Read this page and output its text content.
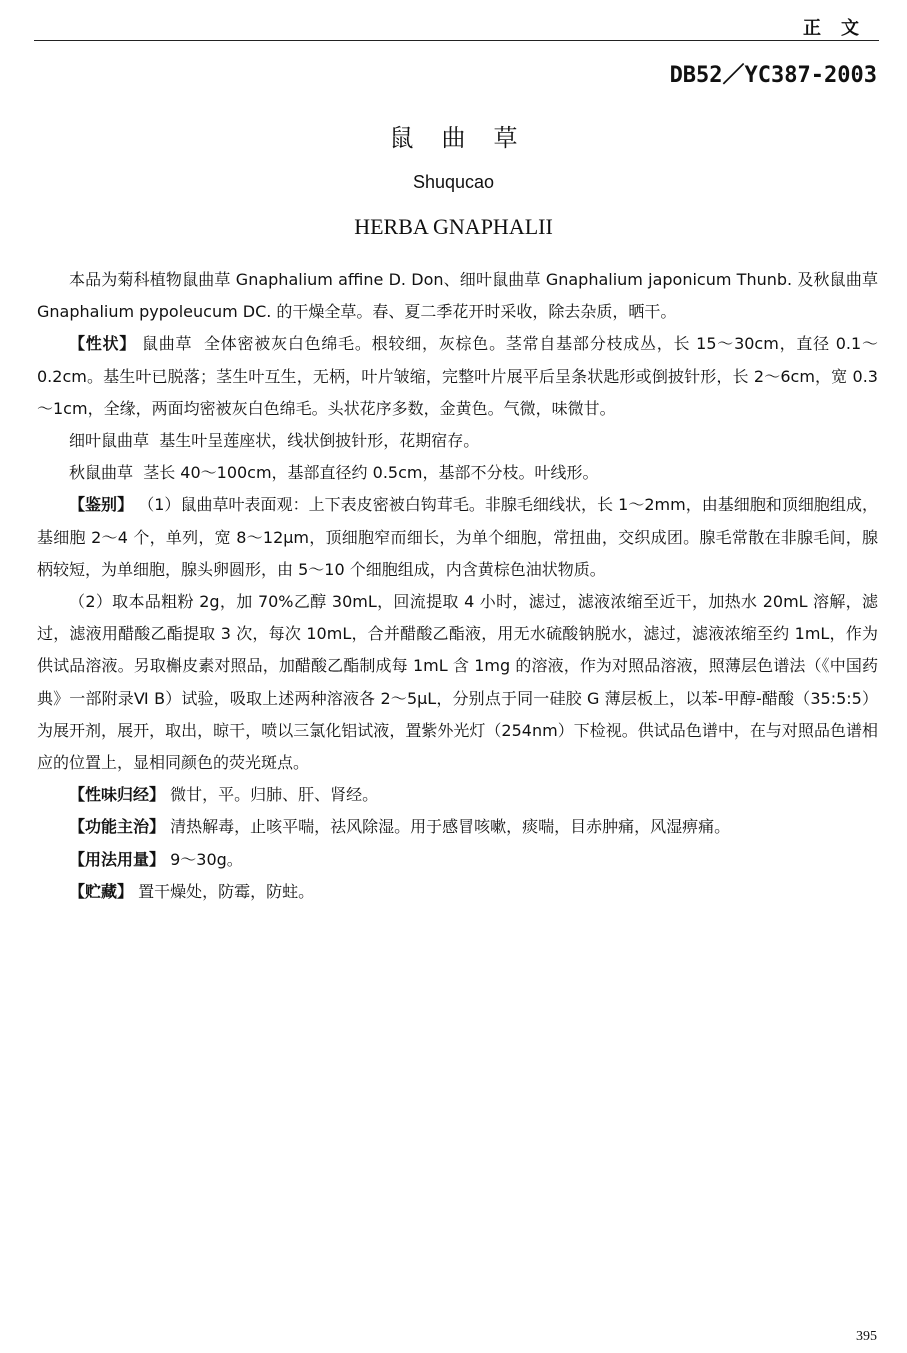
正文
DB52／YC387-2003
鼠曲草
Shuqucao
HERBA GNAPHALII

本品为菊科植物鼠曲草 Gnaphalium affine D. Don、细叶鼠曲草 Gnaphalium japonicum Thunb. 及秋鼠曲草 Gnaphalium pypoleucum DC. 的干燥全草。春、夏二季花开时采收，除去杂质，晒干。

【性状】 鼠曲草 全体密被灰白色绵毛。根较细，灰棕色。茎常自基部分枝成丛，长 15～30cm，直径 0.1～0.2cm。基生叶已脱落；茎生叶互生，无柄，叶片皱缩，完整叶片展平后呈条状匙形或倒披针形，长 2～6cm，宽 0.3～1cm，全缘，两面均密被灰白色绵毛。头状花序多数，金黄色。气微，味微甘。

细叶鼠曲草 基生叶呈莲座状，线状倒披针形，花期宿存。

秋鼠曲草 茎长 40～100cm，基部直径约 0.5cm，基部不分枝。叶线形。

【鉴别】 （1）鼠曲草叶表面观：上下表皮密被白钩茸毛。非腺毛细线状，长 1～2mm，由基细胞和顶细胞组成，基细胞 2～4 个，单列，宽 8～12μm，顶细胞窄而细长，为单个细胞，常扭曲，交织成团。腺毛常散在非腺毛间，腺柄较短，为单细胞，腺头卵圆形，由 5～10 个细胞组成，内含黄棕色油状物质。

（2）取本品粗粉 2g，加 70%乙醇 30mL，回流提取 4 小时，滤过，滤液浓缩至近干，加热水 20mL 溶解，滤过，滤液用醋酸乙酯提取 3 次，每次 10mL，合并醋酸乙酯液，用无水硫酸钠脱水，滤过，滤液浓缩至约 1mL，作为供试品溶液。另取槲皮素对照品，加醋酸乙酯制成每 1mL 含 1mg 的溶液，作为对照品溶液，照薄层色谱法（《中国药典》一部附录Ⅵ B）试验，吸取上述两种溶液各 2～5μL，分别点于同一硅胶 G 薄层板上，以苯-甲醇-醋酸（35:5:5）为展开剂，展开，取出，晾干，喷以三氯化铝试液，置紫外光灯（254nm）下检视。供试品色谱中，在与对照品色谱相应的位置上，显相同颜色的荧光斑点。

【性味归经】 微甘，平。归肺、肝、肾经。

【功能主治】 清热解毒，止咳平喘，祛风除湿。用于感冒咳嗽，痰喘，目赤肿痛，风湿痹痛。

【用法用量】 9～30g。

【贮藏】 置干燥处，防霉，防蛀。

395
